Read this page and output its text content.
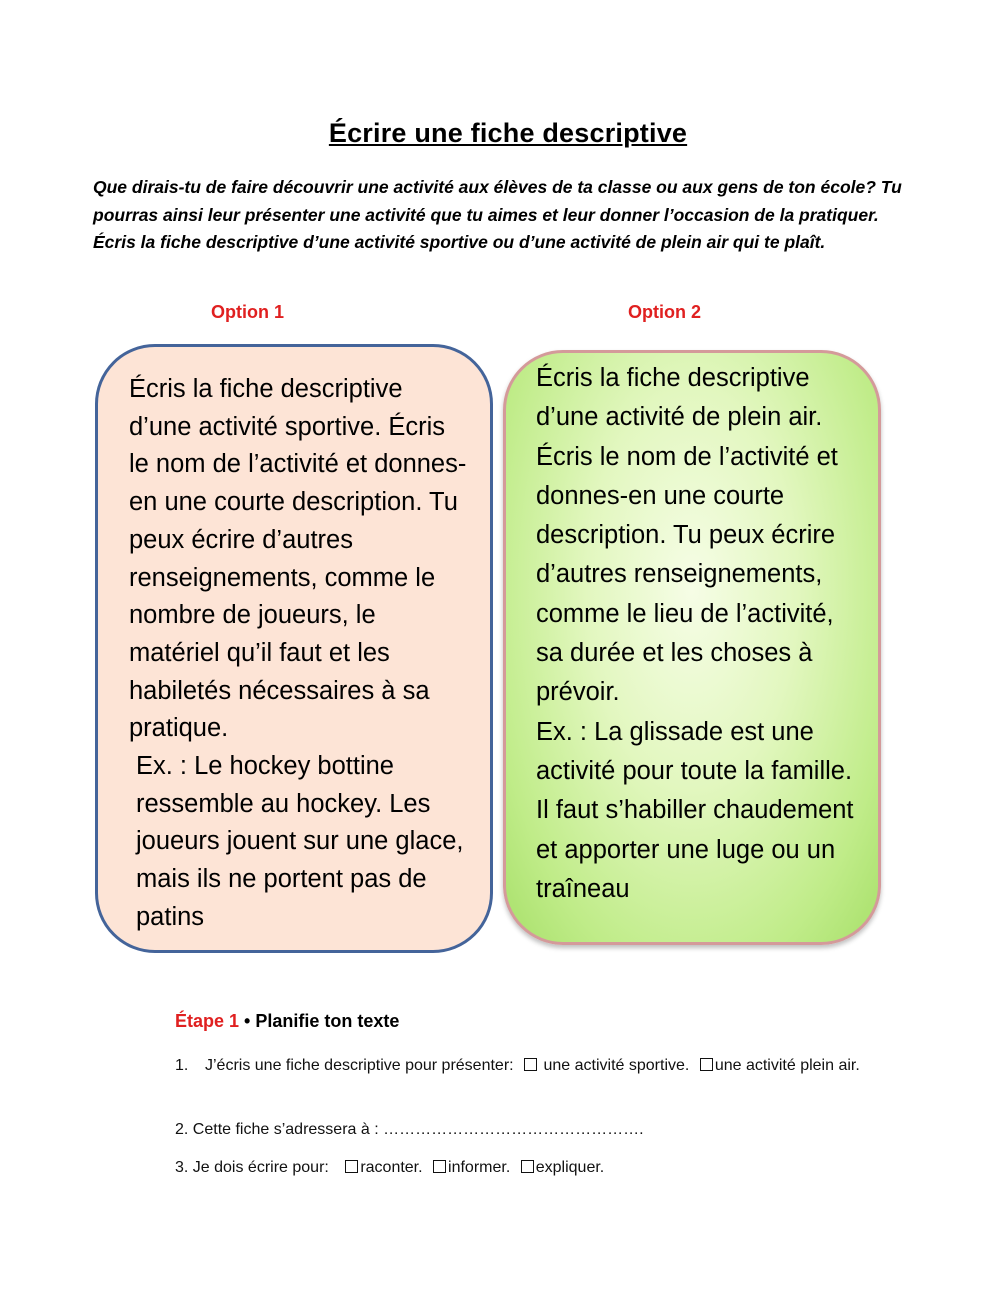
Écrire une fiche descriptive
Que dirais-tu de faire découvrir une activité aux élèves de ta classe ou aux gens de ton école? Tu pourras ainsi leur présenter une activité que tu aimes et leur donner l’occasion de la pratiquer. Écris la fiche descriptive d’une activité sportive ou d’une activité de plein air qui te plaît.
Option 1	Option 2

Écris la fiche descriptive d’une activité sportive. Écris le nom de l’activité et donnes-en une courte description. Tu peux écrire d’autres renseignements, comme le nombre de joueurs, le matériel qu’il faut et les habiletés nécessaires à sa pratique.

Ex. : Le hockey bottine ressemble au hockey. Les joueurs jouent sur une glace, mais ils ne portent pas de patins

Écris la fiche descriptive d’une activité de plein air. Écris le nom de l’activité et donnes-en une courte description. Tu peux écrire d’autres renseignements, comme le lieu de l’activité, sa durée et les choses à prévoir.

Ex. : La glissade est une activité pour toute la famille. Il faut s’habiller chaudement et apporter une luge ou un traîneau

Étape 1 • Planifie ton texte
1. J’écris une fiche descriptive pour présenter: une activité sportive. une activité plein air.
2. Cette fiche s’adressera à : ………………………………………….
3. Je dois écrire pour: raconter. informer. expliquer.
